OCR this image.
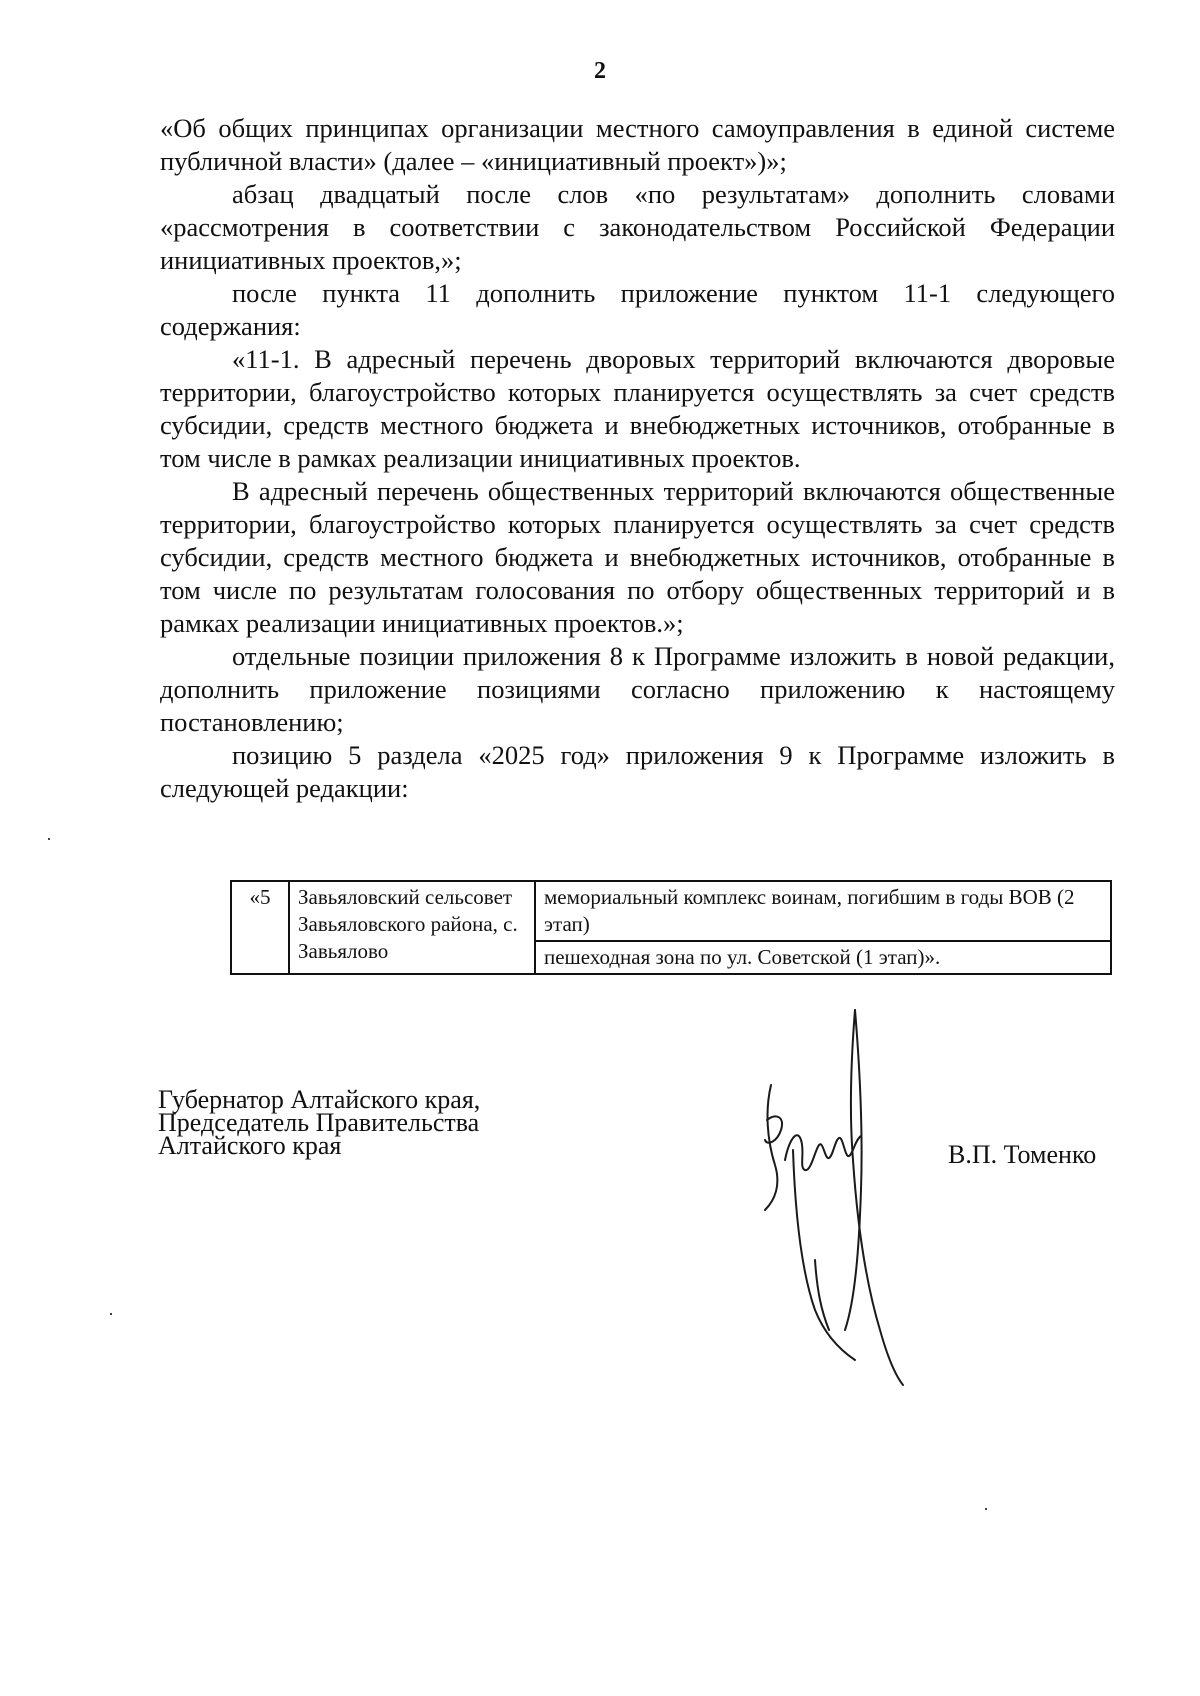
2

«Об общих принципах организации местного самоуправления в единой системе публичной власти» (далее – «инициативный проект»)»;

абзац двадцатый после слов «по результатам» дополнить словами «рассмотрения в соответствии с законодательством Российской Федерации инициативных проектов,»;

после пункта 11 дополнить приложение пунктом 11-1 следующего содержания:

«11-1. В адресный перечень дворовых территорий включаются дворовые территории, благоустройство которых планируется осуществлять за счет средств субсидии, средств местного бюджета и внебюджетных источников, отобранные в том числе в рамках реализации инициативных проектов.

В адресный перечень общественных территорий включаются общественные территории, благоустройство которых планируется осуществлять за счет средств субсидии, средств местного бюджета и внебюджетных источников, отобранные в том числе по результатам голосования по отбору общественных территорий и в рамках реализации инициативных проектов.»;

отдельные позиции приложения 8 к Программе изложить в новой редакции, дополнить приложение позициями согласно приложению к настоящему постановлению;

позицию 5 раздела «2025 год» приложения 9 к Программе изложить в следующей редакции:

«5	Завьяловский сельсовет Завьяловского района, с. Завьялово	мемориальный комплекс воинам, погибшим в годы ВОВ (2 этап)
пешеходная зона по ул. Советской (1 этап)».
Губернатор Алтайского края,
Председатель Правительства
Алтайского края	В.П. Томенко
